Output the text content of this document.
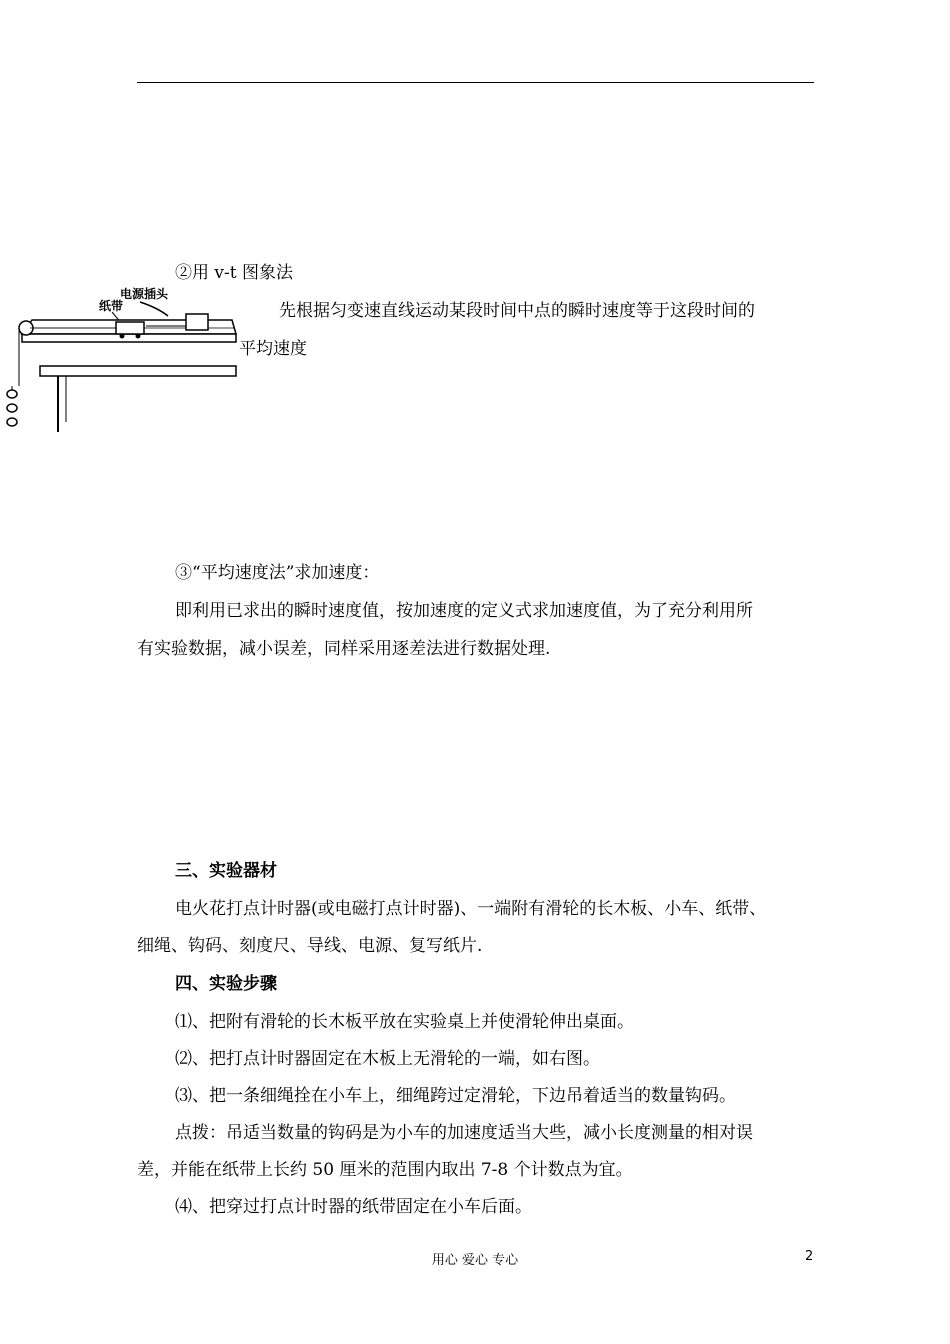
②用 v-t 图象法
电源插头
纸带	先根据匀变速直线运动某段时间中点的瞬时速度等于这段时间的
平均速度
③“平均速度法”求加速度：
即利用已求出的瞬时速度值，按加速度的定义式求加速度值，为了充分利用所
有实验数据，减小误差，同样采用逐差法进行数据处理.
三、实验器材
电火花打点计时器(或电磁打点计时器)、一端附有滑轮的长木板、小车、纸带、
细绳、钩码、刻度尺、导线、电源、复写纸片.
四、实验步骤
⑴、把附有滑轮的长木板平放在实验桌上并使滑轮伸出桌面。
⑵、把打点计时器固定在木板上无滑轮的一端，如右图。
⑶、把一条细绳拴在小车上，细绳跨过定滑轮，下边吊着适当的数量钩码。
点拨：吊适当数量的钩码是为小车的加速度适当大些，减小长度测量的相对误
差，并能在纸带上长约 50 厘米的范围内取出 7-8 个计数点为宜。
⑷、把穿过打点计时器的纸带固定在小车后面。
用心 爱心 专心	2
